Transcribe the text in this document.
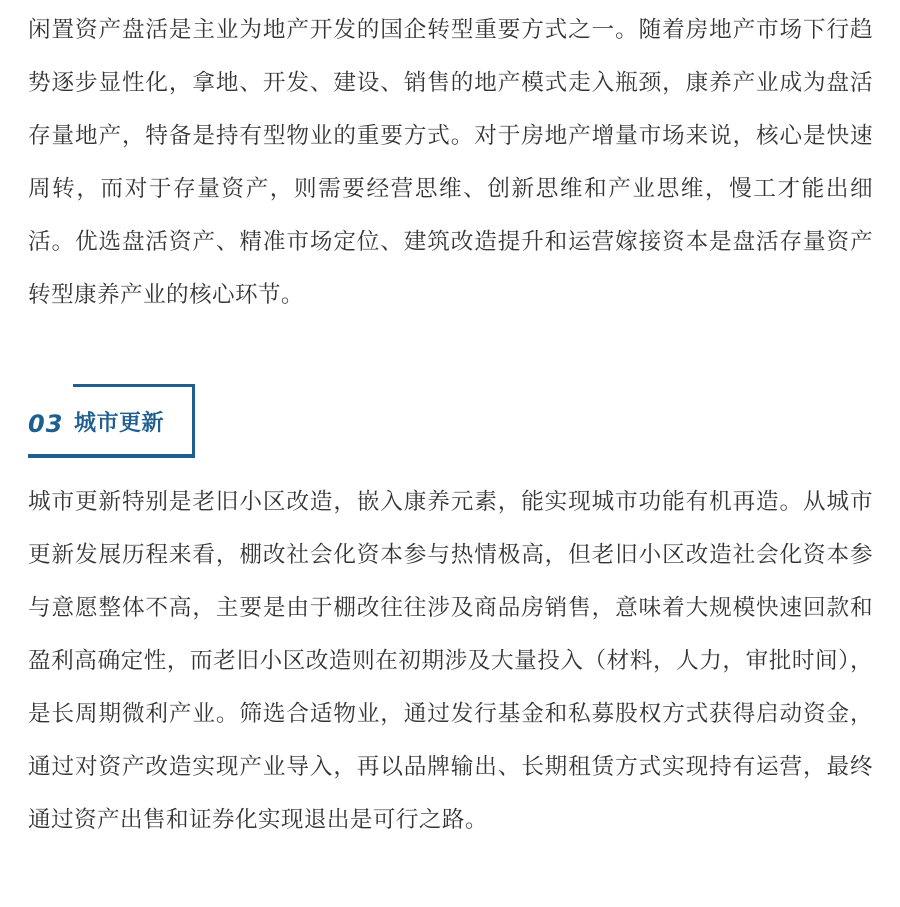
闲置资产盘活是主业为地产开发的国企转型重要方式之一。随着房地产市场下行趋势逐步显性化，拿地、开发、建设、销售的地产模式走入瓶颈，康养产业成为盘活存量地产，特备是持有型物业的重要方式。对于房地产增量市场来说，核心是快速周转，而对于存量资产，则需要经营思维、创新思维和产业思维，慢工才能出细活。优选盘活资产、精准市场定位、建筑改造提升和运营嫁接资本是盘活存量资产转型康养产业的核心环节。

03 城市更新

城市更新特别是老旧小区改造，嵌入康养元素，能实现城市功能有机再造。从城市更新发展历程来看，棚改社会化资本参与热情极高，但老旧小区改造社会化资本参与意愿整体不高，主要是由于棚改往往涉及商品房销售，意味着大规模快速回款和盈利高确定性，而老旧小区改造则在初期涉及大量投入（材料，人力，审批时间），是长周期微利产业。筛选合适物业，通过发行基金和私募股权方式获得启动资金，通过对资产改造实现产业导入，再以品牌输出、长期租赁方式实现持有运营，最终通过资产出售和证券化实现退出是可行之路。
